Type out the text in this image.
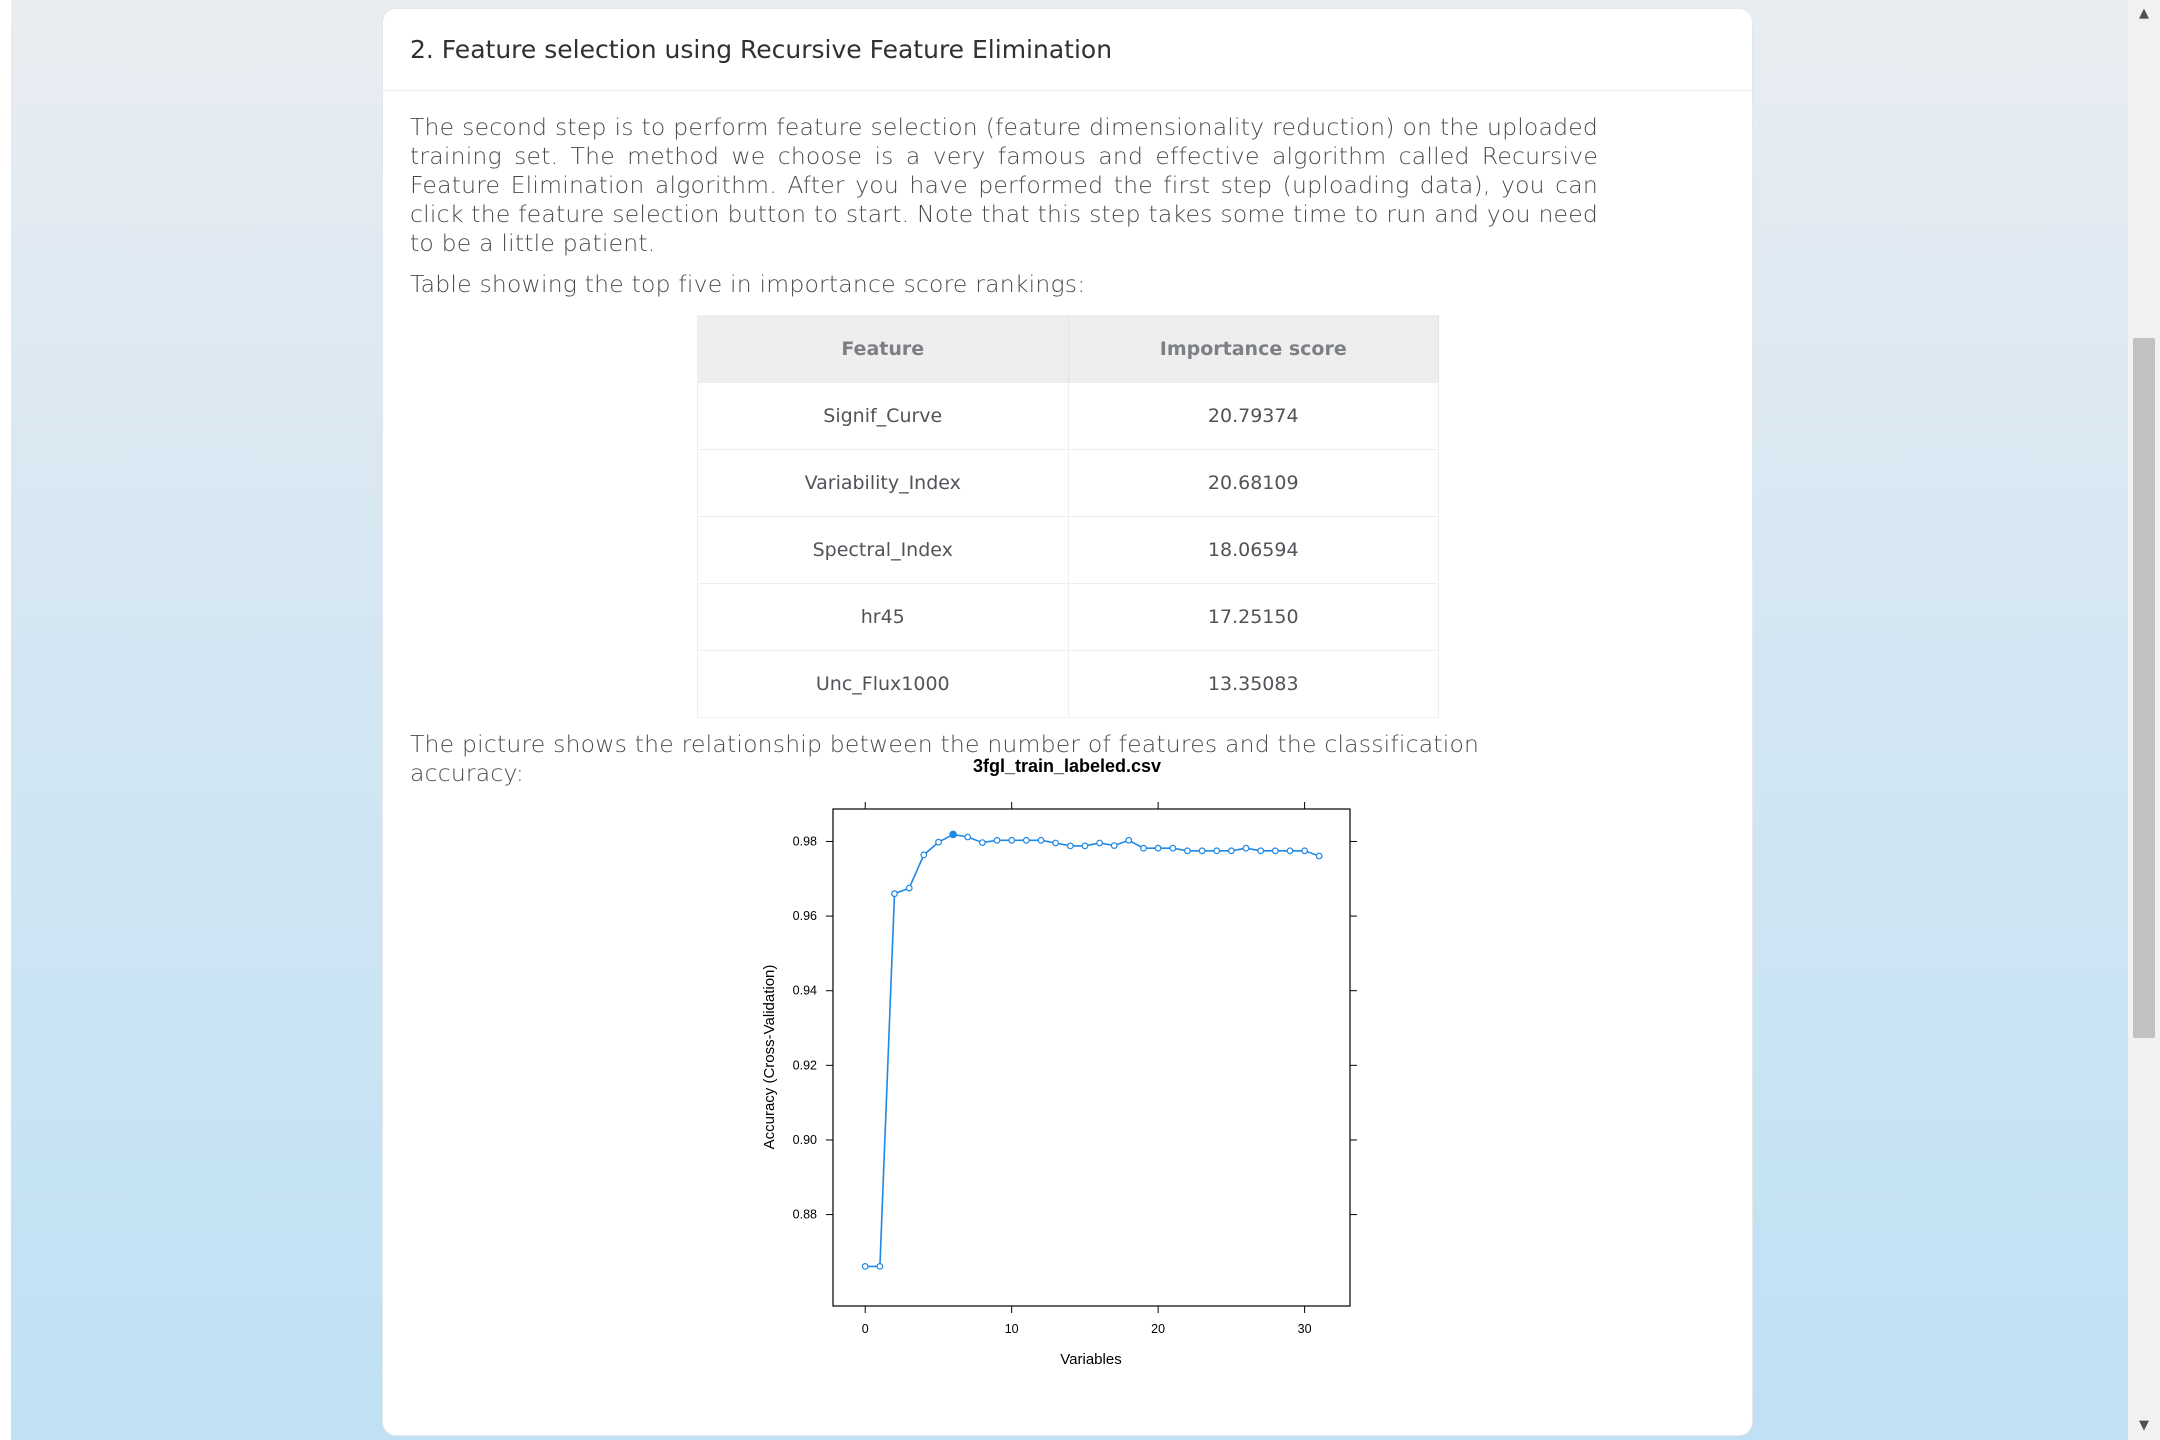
2. Feature selection using Recursive Feature Elimination

The second step is to perform feature selection (feature dimensionality reduction) on the uploaded training set. The method we choose is a very famous and effective algorithm called Recursive Feature Elimination algorithm. After you have performed the first step (uploading data), you can click the feature selection button to start. Note that this step takes some time to run and you need to be a little patient.

Table showing the top five in importance score rankings:

Feature	Importance score
Signif_Curve	20.79374
Variability_Index	20.68109
Spectral_Index	18.06594
hr45	17.25150
Unc_Flux1000	13.35083

The picture shows the relationship between the number of features and the classification accuracy:	3fgl_train_labeled.csv
Variables
Accuracy (Cross-Validation)
0	10	20	30
0.88
0.90
0.92
0.94
0.96
0.98
▲
▼
